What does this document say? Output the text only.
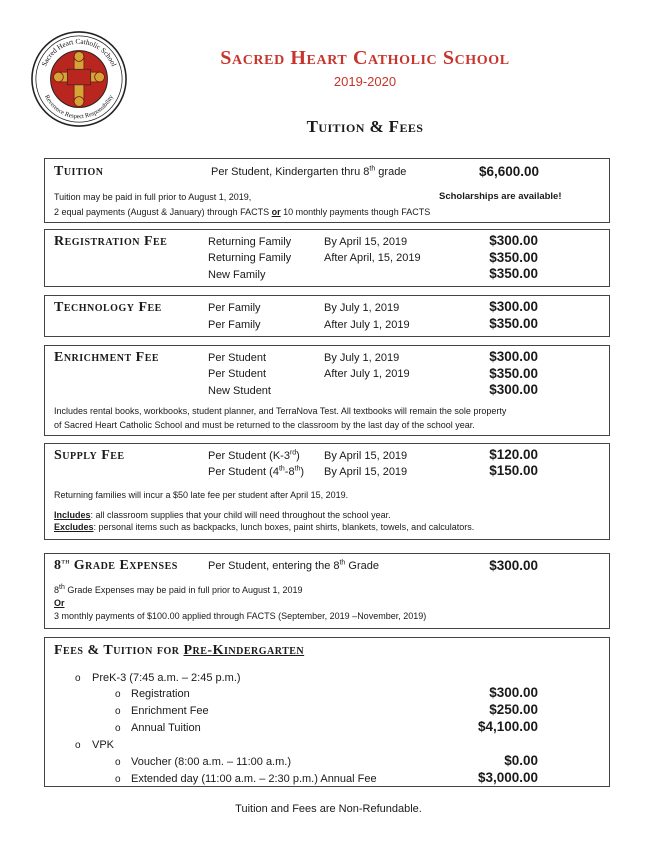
Sacred Heart Catholic School
Reverence Respect Responsibility
Sacred Heart Catholic School
2019-2020
Tuition & Fees
Tuition	Per Student, Kindergarten thru 8th grade	$6,600.00
Tuition may be paid in full prior to August 1, 2019,	Scholarships are available!
2 equal payments (August & January) through FACTS or 10 monthly payments though FACTS
Registration Fee	Returning Family	By April 15, 2019	$300.00
Returning Family	After April, 15, 2019	$350.00
New Family	$350.00
Technology Fee	Per Family	By July 1, 2019	$300.00
Per Family	After July 1, 2019	$350.00
Enrichment Fee	Per Student	By July 1, 2019	$300.00
Per Student	After July 1, 2019	$350.00
New Student	$300.00
Includes rental books, workbooks, student planner, and TerraNova Test. All textbooks will remain the sole property
of Sacred Heart Catholic School and must be returned to the classroom by the last day of the school year.
Supply Fee	Per Student (K-3rd) By April 15, 2019	$120.00
Per Student (4th-8th) By April 15, 2019	$150.00
Returning families will incur a $50 late fee per student after April 15, 2019.
Includes: all classroom supplies that your child will need throughout the school year.
Excludes: personal items such as backpacks, lunch boxes, paint shirts, blankets, towels, and calculators.
8th Grade Expenses	Per Student, entering the 8th Grade	$300.00
8th Grade Expenses may be paid in full prior to August 1, 2019
Or
3 monthly payments of $100.00 applied through FACTS (September, 2019 –November, 2019)
Fees & Tuition for Pre-Kindergarten
o PreK-3 (7:45 a.m. – 2:45 p.m.)
o Registration	$300.00
o Enrichment Fee	$250.00
o Annual Tuition	$4,100.00
o VPK
o Voucher (8:00 a.m. – 11:00 a.m.)	$0.00
o Extended day (11:00 a.m. – 2:30 p.m.) Annual Fee	$3,000.00
Tuition and Fees are Non-Refundable.
